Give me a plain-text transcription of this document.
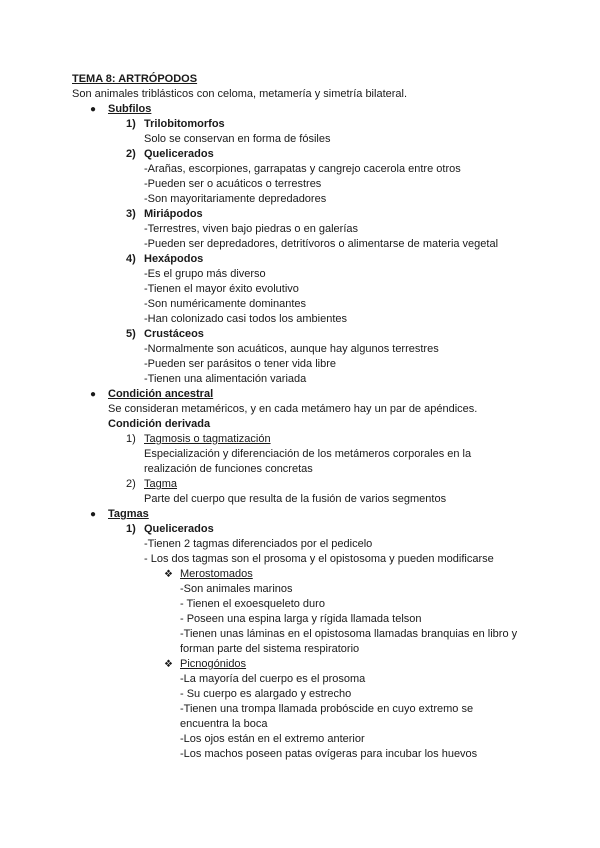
TEMA 8: ARTRÓPODOS
Son animales triblásticos con celoma, metamería y simetría bilateral.
● Subfilos
1) Trilobitomorfos
Solo se conservan en forma de fósiles
2) Quelicerados
-Arañas, escorpiones, garrapatas y cangrejo cacerola entre otros
-Pueden ser o acuáticos o terrestres
-Son mayoritariamente depredadores
3) Miriápodos
-Terrestres, viven bajo piedras o en galerías
-Pueden ser depredadores, detritívoros o alimentarse de materia vegetal
4) Hexápodos
-Es el grupo más diverso
-Tienen el mayor éxito evolutivo
-Son numéricamente dominantes
-Han colonizado casi todos los ambientes
5) Crustáceos
-Normalmente son acuáticos, aunque hay algunos terrestres
-Pueden ser parásitos o tener vida libre
-Tienen una alimentación variada
● Condición ancestral
Se consideran metaméricos, y en cada metámero hay un par de apéndices.
Condición derivada
1) Tagmosis o tagmatización
Especialización y diferenciación de los metámeros corporales en la
realización de funciones concretas
2) Tagma
Parte del cuerpo que resulta de la fusión de varios segmentos
● Tagmas
1) Quelicerados
-Tienen 2 tagmas diferenciados por el pedicelo
- Los dos tagmas son el prosoma y el opistosoma y pueden modificarse
❖ Merostomados
-Son animales marinos
- Tienen el exoesqueleto duro
- Poseen una espina larga y rígida llamada telson
-Tienen unas láminas en el opistosoma llamadas branquias en libro y
forman parte del sistema respiratorio
❖ Picnogónidos
-La mayoría del cuerpo es el prosoma
- Su cuerpo es alargado y estrecho
-Tienen una trompa llamada probóscide en cuyo extremo se
encuentra la boca
-Los ojos están en el extremo anterior
-Los machos poseen patas ovígeras para incubar los huevos
